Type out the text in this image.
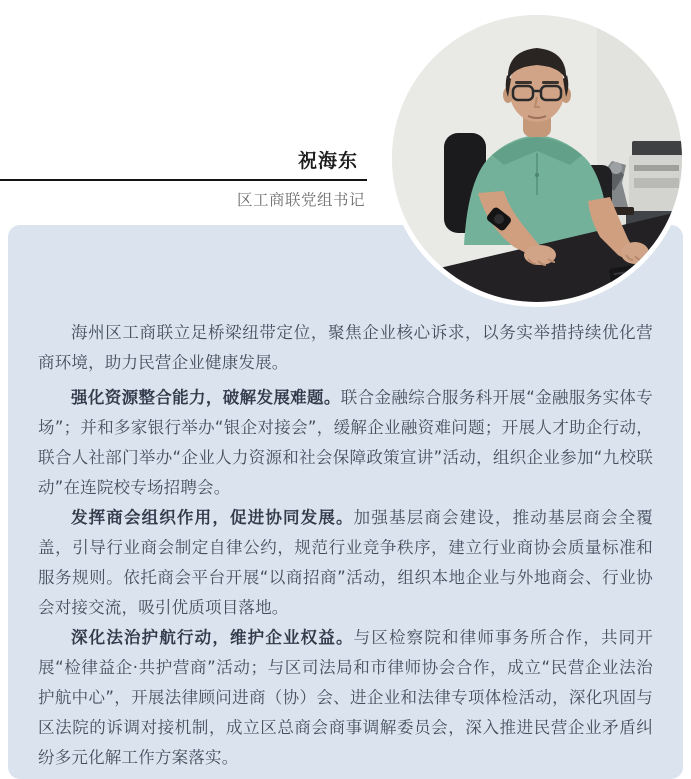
祝海东
区工商联党组书记

海州区工商联立足桥梁纽带定位，聚焦企业核心诉求，以务实举措持续优化营商环境，助力民营企业健康发展。

强化资源整合能力，破解发展难题。联合金融综合服务科开展“金融服务实体专场”；并和多家银行举办“银企对接会”，缓解企业融资难问题；开展人才助企行动，联合人社部门举办“企业人力资源和社会保障政策宣讲”活动，组织企业参加“九校联动”在连院校专场招聘会。

发挥商会组织作用，促进协同发展。加强基层商会建设，推动基层商会全覆盖，引导行业商会制定自律公约，规范行业竞争秩序，建立行业商协会质量标准和服务规则。依托商会平台开展“以商招商”活动，组织本地企业与外地商会、行业协会对接交流，吸引优质项目落地。

深化法治护航行动，维护企业权益。与区检察院和律师事务所合作，共同开展“检律益企·共护营商”活动；与区司法局和市律师协会合作，成立“民营企业法治护航中心”，开展法律顾问进商（协）会、进企业和法律专项体检活动，深化巩固与区法院的诉调对接机制，成立区总商会商事调解委员会，深入推进民营企业矛盾纠纷多元化解工作方案落实。
